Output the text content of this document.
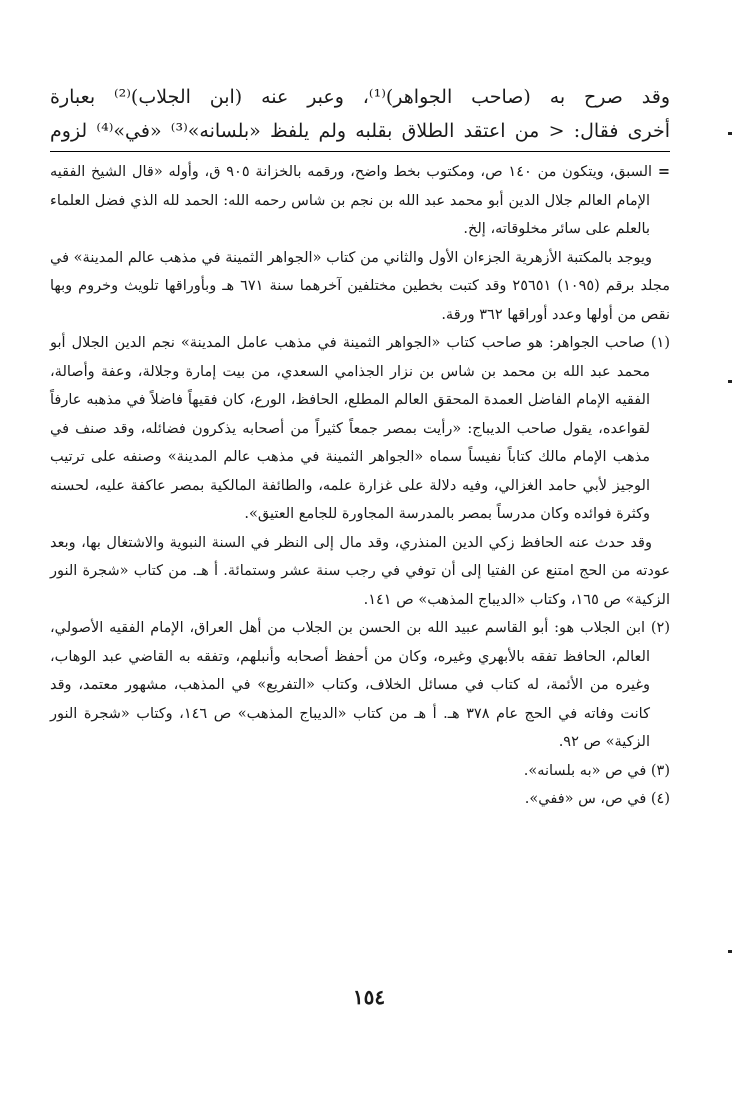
وقد صرح به (صاحب الجواهر)⁽¹⁾، وعبر عنه (ابن الجلاب)⁽²⁾ بعبارة

أخرى فقال: < من اعتقد الطلاق بقلبه ولم يلفظ «بلسانه»⁽³⁾ «في»⁽⁴⁾ لزوم

= السبق، ويتكون من ١٤٠ ص، ومكتوب بخط واضح، ورقمه بالخزانة ٩٠٥ ق، وأوله «قال الشيخ الفقيه الإمام العالم جلال الدين أبو محمد عبد الله بن نجم بن شاس رحمه الله: الحمد لله الذي فضل العلماء بالعلم على سائر مخلوقاته، إلخ.

ويوجد بالمكتبة الأزهرية الجزءان الأول والثاني من كتاب «الجواهر الثمينة في مذهب عالم المدينة» في مجلد برقم (١٠٩٥) ٢٥٦٥١ وقد كتبت بخطين مختلفين آخرهما سنة ٦٧١ هـ وبأوراقها تلويث وخروم وبها نقص من أولها وعدد أوراقها ٣٦٢ ورقة.

(١) صاحب الجواهر: هو صاحب كتاب «الجواهر الثمينة في مذهب عامل المدينة» نجم الدين الجلال أبو محمد عبد الله بن محمد بن شاس بن نزار الجذامي السعدي، من بيت إمارة وجلالة، وعفة وأصالة، الفقيه الإمام الفاضل العمدة المحقق العالم المطلع، الحافظ، الورع، كان فقيهاً فاضلاً في مذهبه عارفاً لقواعده، يقول صاحب الديباج: «رأيت بمصر جمعاً كثيراً من أصحابه يذكرون فضائله، وقد صنف في مذهب الإمام مالك كتاباً نفيساً سماه «الجواهر الثمينة في مذهب عالم المدينة» وصنفه على ترتيب الوجيز لأبي حامد الغزالي، وفيه دلالة على غزارة علمه، والطائفة المالكية بمصر عاكفة عليه، لحسنه وكثرة فوائده وكان مدرساً بمصر بالمدرسة المجاورة للجامع العتيق».

وقد حدث عنه الحافظ زكي الدين المنذري، وقد مال إلى النظر في السنة النبوية والاشتغال بها، وبعد عودته من الحج امتنع عن الفتيا إلى أن توفي في رجب سنة عشر وستمائة. أ هـ. من كتاب «شجرة النور الزكية» ص ١٦٥، وكتاب «الديباج المذهب» ص ١٤١.

(٢) ابن الجلاب هو: أبو القاسم عبيد الله بن الحسن بن الجلاب من أهل العراق، الإمام الفقيه الأصولي، العالم، الحافظ تفقه بالأبهري وغيره، وكان من أحفظ أصحابه وأنبلهم، وتفقه به القاضي عبد الوهاب، وغيره من الأئمة، له كتاب في مسائل الخلاف، وكتاب «التفريع» في المذهب، مشهور معتمد، وقد كانت وفاته في الحج عام ٣٧٨ هـ. أ هـ من كتاب «الديباج المذهب» ص ١٤٦، وكتاب «شجرة النور الزكية» ص ٩٢.

(٣) في ص «به بلسانه».

(٤) في ص، س «ففي».

١٥٤
